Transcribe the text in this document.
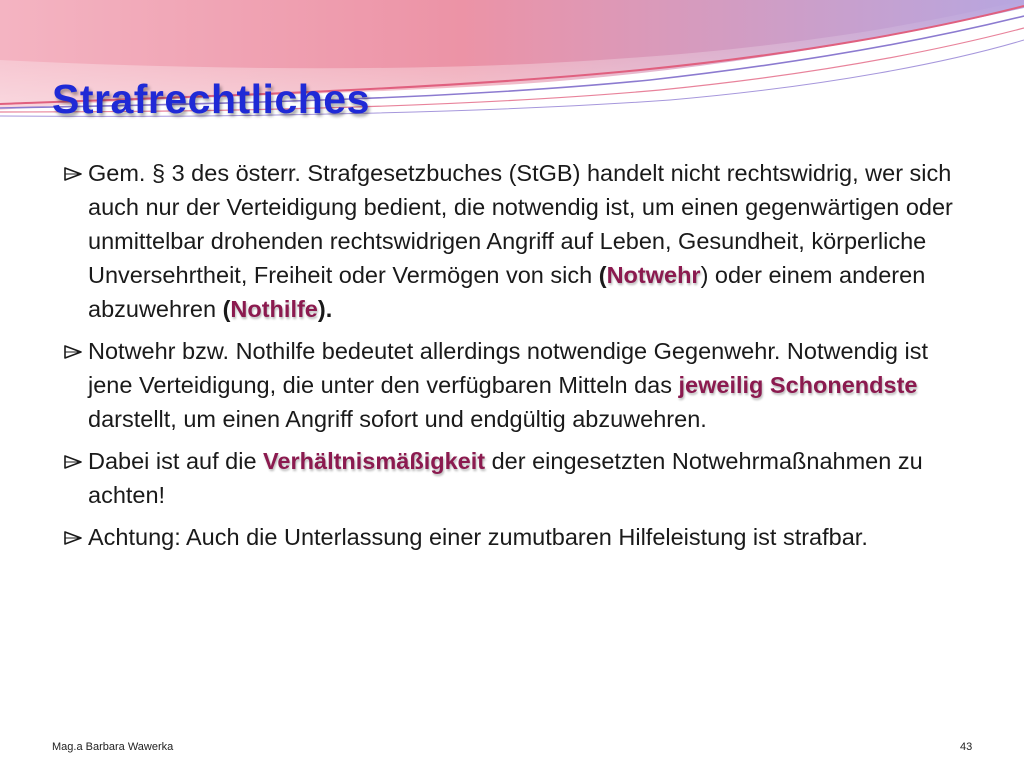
Strafrechtliches
Gem. § 3 des österr. Strafgesetzbuches (StGB) handelt nicht rechtswidrig, wer sich auch nur der Verteidigung bedient, die notwendig ist, um einen gegenwärtigen oder unmittelbar drohenden rechtswidrigen Angriff auf Leben, Gesundheit, körperliche Unversehrtheit, Freiheit oder Vermögen von sich (Notwehr) oder einem anderen abzuwehren (Nothilfe).
Notwehr bzw. Nothilfe bedeutet allerdings notwendige Gegenwehr. Notwendig ist jene Verteidigung, die unter den verfügbaren Mitteln das jeweilig Schonendste darstellt, um einen Angriff sofort und endgültig abzuwehren.
Dabei ist auf die Verhältnismäßigkeit der eingesetzten Notwehrmaßnahmen zu achten!
Achtung: Auch die Unterlassung einer zumutbaren Hilfeleistung ist strafbar.
Mag.a Barbara Wawerka	43
